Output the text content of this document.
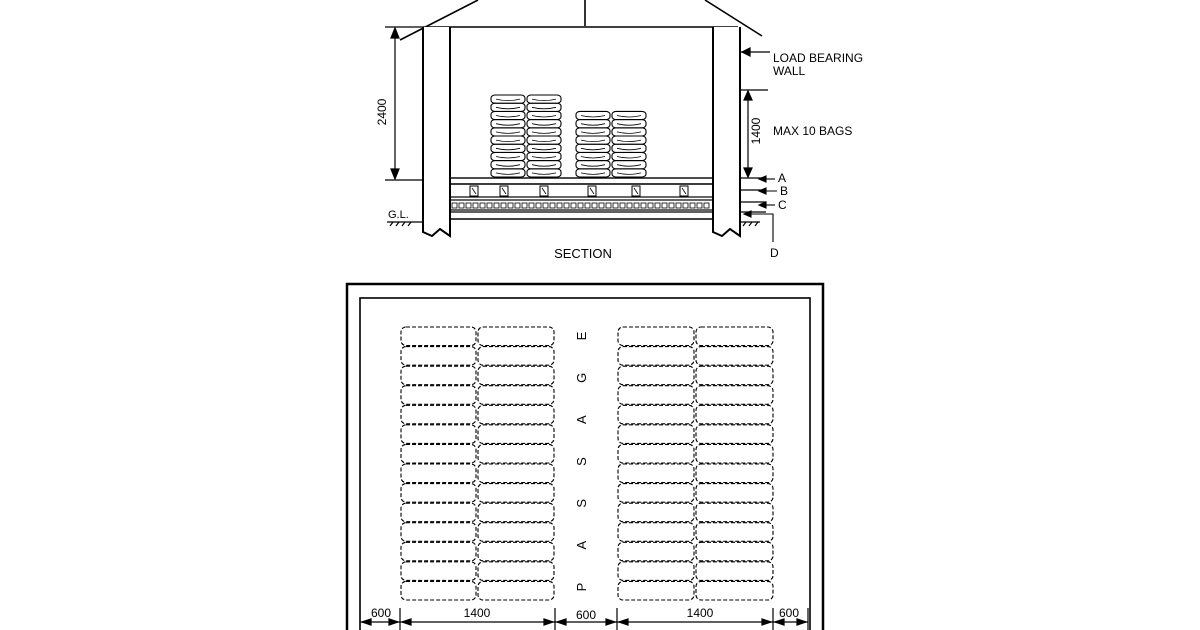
2400
LOAD BEARING
WALL
1400 MAX 10 BAGS
A
B
C
D
G.L.
SECTION
P
A
S
S
A
G
E
600	1400	600	1400	600
